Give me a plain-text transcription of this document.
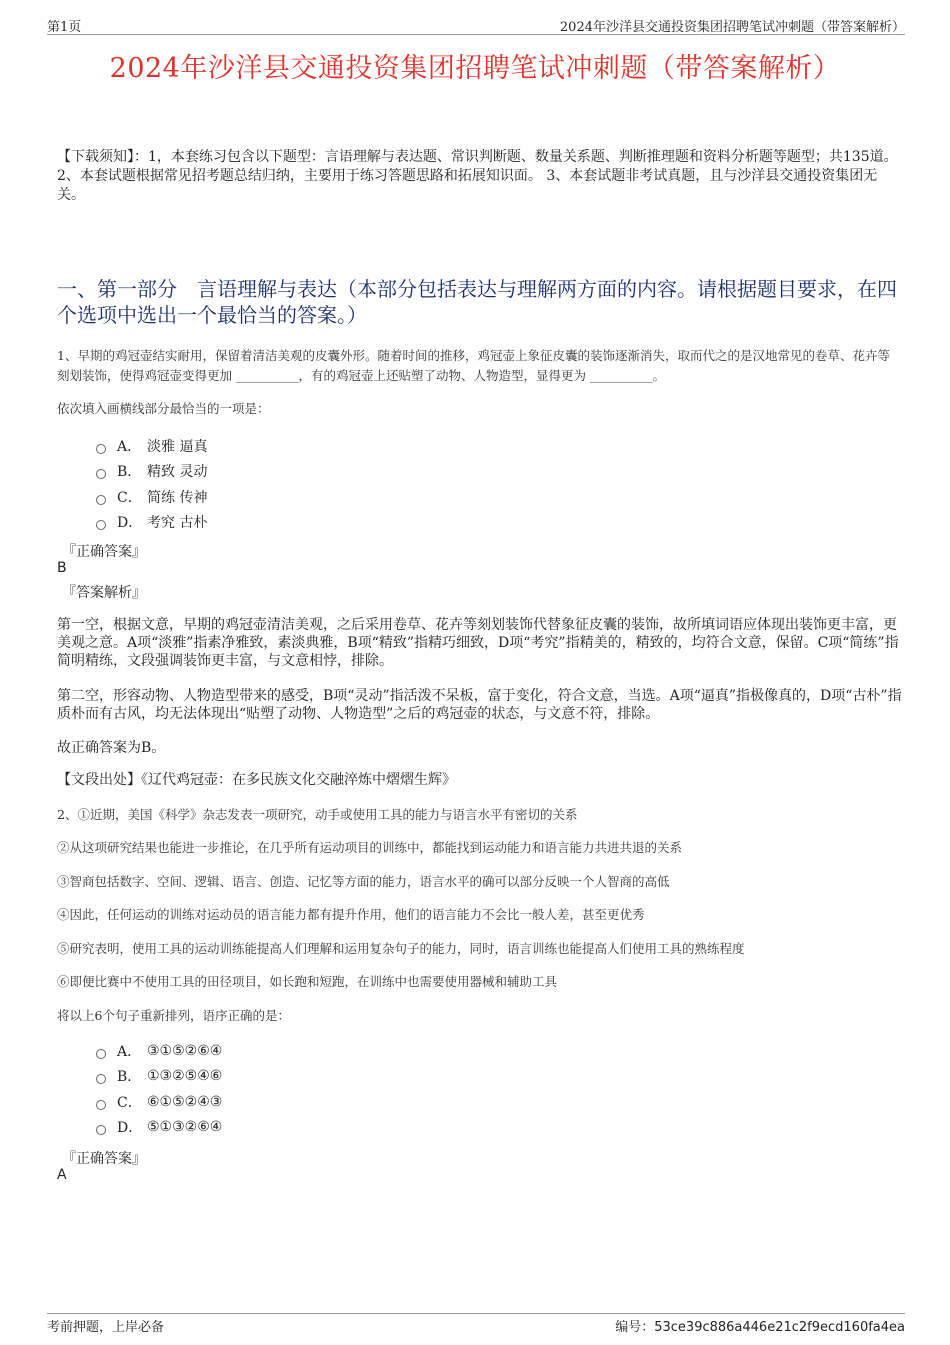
第1页	2024年沙洋县交通投资集团招聘笔试冲刺题（带答案解析）
2024年沙洋县交通投资集团招聘笔试冲刺题（带答案解析）
【下载须知】：1，本套练习包含以下题型：言语理解与表达题、常识判断题、数量关系题、判断推理题和资料分析题等题型；共135道。 2、本套试题根据常见招考题总结归纳，主要用于练习答题思路和拓展知识面。 3、本套试题非考试真题，且与沙洋县交通投资集团无关。
一、第一部分　言语理解与表达（本部分包括表达与理解两方面的内容。请根据题目要求，在四个选项中选出一个最恰当的答案。）
1、早期的鸡冠壶结实耐用，保留着清洁美观的皮囊外形。随着时间的推移，鸡冠壶上象征皮囊的装饰逐渐消失，取而代之的是汉地常见的卷草、花卉等刻划装饰，使得鸡冠壶变得更加 __________，有的鸡冠壶上还贴塑了动物、人物造型，显得更为 __________。
依次填入画横线部分最恰当的一项是：
A． 淡雅 逼真
B． 精致 灵动
C． 简练 传神
D． 考究 古朴
『正确答案』
B
『答案解析』
第一空，根据文意，早期的鸡冠壶清洁美观，之后采用卷草、花卉等刻划装饰代替象征皮囊的装饰，故所填词语应体现出装饰更丰富，更美观之意。A项“淡雅”指素净雅致，素淡典雅，B项“精致”指精巧细致，D项“考究”指精美的，精致的，均符合文意，保留。C项“简练”指简明精练，文段强调装饰更丰富，与文意相悖，排除。
第二空，形容动物、人物造型带来的感受，B项“灵动”指活泼不呆板，富于变化，符合文意，当选。A项“逼真”指极像真的，D项“古朴”指质朴而有古风，均无法体现出“贴塑了动物、人物造型”之后的鸡冠壶的状态，与文意不符，排除。
故正确答案为B。
【文段出处】《辽代鸡冠壶：在多民族文化交融淬炼中熠熠生辉》
2、①近期，美国《科学》杂志发表一项研究，动手或使用工具的能力与语言水平有密切的关系
②从这项研究结果也能进一步推论，在几乎所有运动项目的训练中，都能找到运动能力和语言能力共进共退的关系
③智商包括数字、空间、逻辑、语言、创造、记忆等方面的能力，语言水平的确可以部分反映一个人智商的高低
④因此，任何运动的训练对运动员的语言能力都有提升作用，他们的语言能力不会比一般人差，甚至更优秀
⑤研究表明，使用工具的运动训练能提高人们理解和运用复杂句子的能力，同时，语言训练也能提高人们使用工具的熟练程度
⑥即便比赛中不使用工具的田径项目，如长跑和短跑，在训练中也需要使用器械和辅助工具
将以上6个句子重新排列，语序正确的是：
A． ③①⑤②⑥④
B． ①③②⑤④⑥
C． ⑥①⑤②④③
D． ⑤①③②⑥④
『正确答案』
A
考前押题，上岸必备	编号：53ce39c886a446e21c2f9ecd160fa4ea
